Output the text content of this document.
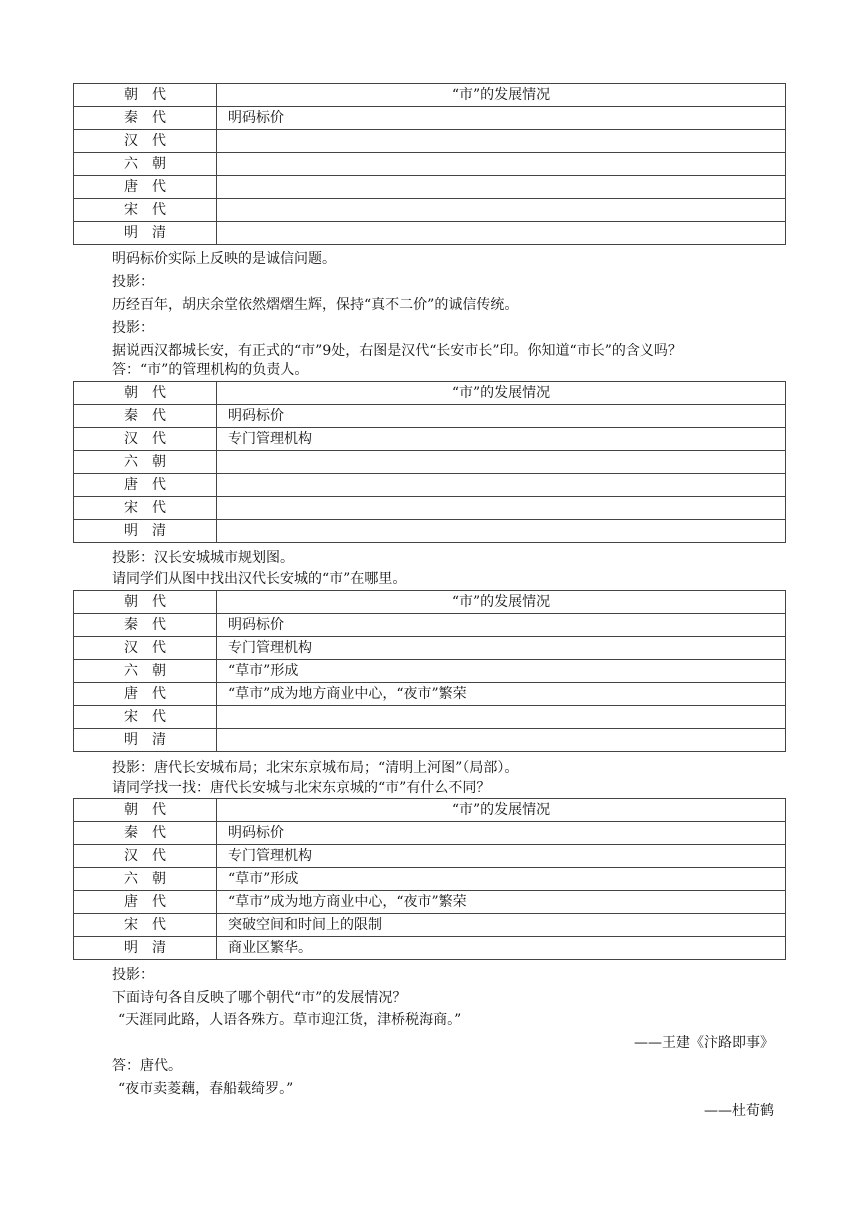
朝　代	“市”的发展情况
秦　代	明码标价
汉　代	
六　朝	
唐　代	
宋　代	
明　清	
明码标价实际上反映的是诚信问题。
投影：
历经百年，胡庆余堂依然熠熠生辉，保持“真不二价”的诚信传统。
投影：
据说西汉都城长安，有正式的“市”9处，右图是汉代“长安市长”印。你知道“市长”的含义吗？
答：“市”的管理机构的负责人。
朝　代	“市”的发展情况
秦　代	明码标价
汉　代	专门管理机构
六　朝	
唐　代	
宋　代	
明　清	
投影：汉长安城城市规划图。
请同学们从图中找出汉代长安城的“市”在哪里。
朝　代	“市”的发展情况
秦　代	明码标价
汉　代	专门管理机构
六　朝	“草市”形成
唐　代	“草市”成为地方商业中心，“夜市”繁荣
宋　代	
明　清	
投影：唐代长安城布局；北宋东京城布局；“清明上河图”（局部）。
请同学找一找：唐代长安城与北宋东京城的“市”有什么不同？
朝　代	“市”的发展情况
秦　代	明码标价
汉　代	专门管理机构
六　朝	“草市”形成
唐　代	“草市”成为地方商业中心，“夜市”繁荣
宋　代	突破空间和时间上的限制
明　清	商业区繁华。
投影：
下面诗句各自反映了哪个朝代“市”的发展情况？
“天涯同此路，人语各殊方。草市迎江货，津桥税海商。”
——王建《汴路即事》
答：唐代。
“夜市卖菱藕，春船载绮罗。”
——杜荀鹤
